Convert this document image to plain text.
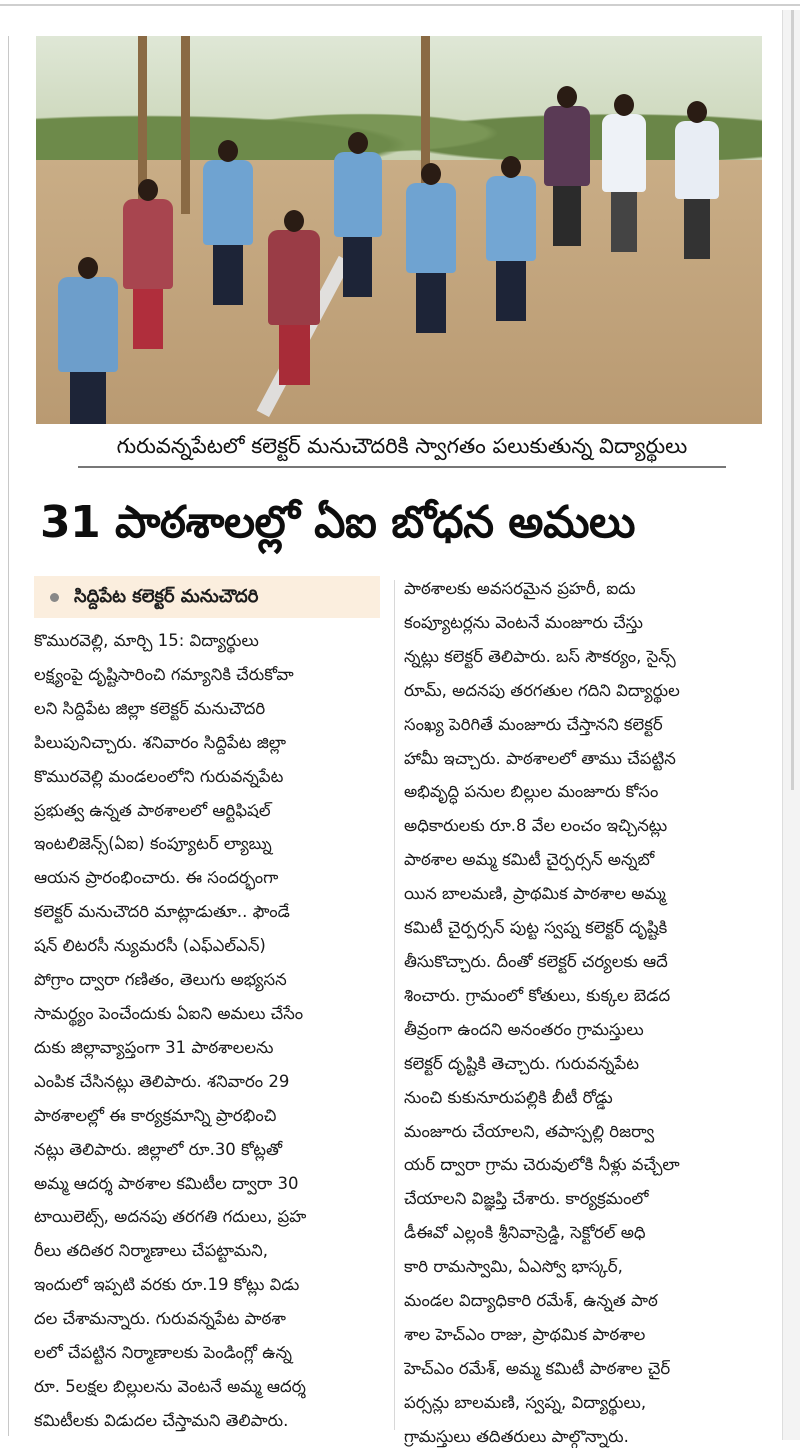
గురువన్నపేటలో కలెక్టర్ మనుచౌదరికి స్వాగతం పలుకుతున్న విద్యార్థులు
31 పాఠశాలల్లో ఏఐ బోధన అమలు
సిద్దిపేట కలెక్టర్ మనుచౌదరి

కొమురవెల్లి, మార్చి 15: విద్యార్థులు

లక్ష్యంపై దృష్టిసారించి గమ్యానికి చేరుకోవా

లని సిద్దిపేట జిల్లా కలెక్టర్ మనుచౌదరి

పిలుపునిచ్చారు. శనివారం సిద్దిపేట జిల్లా

కొమురవెల్లి మండలంలోని గురువన్నపేట

ప్రభుత్వ ఉన్నత పాఠశాలలో ఆర్టిఫిషల్

ఇంటలిజెన్స్(ఏఐ) కంప్యూటర్ ల్యాబ్ను

ఆయన ప్రారంభించారు. ఈ సందర్భంగా

కలెక్టర్ మనుచౌదరి మాట్లాడుతూ.. ఫౌండే

షన్ లిటరసీ న్యుమరసీ (ఎఫ్ఎల్ఎన్)

పోగ్రాం ద్వారా గణితం, తెలుగు అభ్యసన

సామర్థ్యం పెంచేందుకు ఏఐని అమలు చేసేం

దుకు జిల్లావ్యాప్తంగా 31 పాఠశాలలను

ఎంపిక చేసినట్లు తెలిపారు. శనివారం 29

పాఠశాలల్లో ఈ కార్యక్రమాన్ని ప్రారభించి

నట్లు తెలిపారు. జిల్లాలో రూ.30 కోట్లతో

అమ్మ ఆదర్శ పాఠశాల కమిటీల ద్వారా 30

టాయిలెట్స్, అదనపు తరగతి గదులు, ప్రహ

రీలు తదితర నిర్మాణాలు చేపట్టామని,

ఇందులో ఇప్పటి వరకు రూ.19 కోట్లు విడు

దల చేశామన్నారు. గురువన్నపేట పాఠశా

లలో చేపట్టిన నిర్మాణాలకు పెండింగ్లో ఉన్న

రూ. 5లక్షల బిల్లులను వెంటనే అమ్మ ఆదర్శ

కమిటీలకు విడుదల చేస్తామని తెలిపారు.

పాఠశాలకు అవసరమైన ప్రహరీ, ఐదు

కంప్యూటర్లను వెంటనే మంజూరు చేస్తు

న్నట్లు కలెక్టర్ తెలిపారు. బస్ సౌకర్యం, సైన్స్

రూమ్, అదనపు తరగతుల గదిని విద్యార్థుల

సంఖ్య పెరిగితే మంజూరు చేస్తానని కలెక్టర్

హామీ ఇచ్చారు. పాఠశాలలో తాము చేపట్టిన

అభివృద్ధి పనుల బిల్లుల మంజూరు కోసం

అధికారులకు రూ.8 వేల లంచం ఇచ్చినట్లు

పాఠశాల అమ్మ కమిటీ చైర్పర్సన్ అన్నబో

యిన బాలమణి, ప్రాథమిక పాఠశాల అమ్మ

కమిటీ చైర్పర్సన్ పుట్ట స్వప్న కలెక్టర్ దృష్టికి

తీసుకొచ్చారు. దీంతో కలెక్టర్ చర్యలకు ఆదే

శించారు. గ్రామంలో కోతులు, కుక్కల బెడద

తీవ్రంగా ఉందని అనంతరం గ్రామస్తులు

కలెక్టర్ దృష్టికి తెచ్చారు. గురువన్నపేట

నుంచి కుకునూరుపల్లికి బీటీ రోడ్డు

మంజూరు చేయాలని, తపాస్పల్లి రిజర్వా

యర్ ద్వారా గ్రామ చెరువులోకి నీళ్లు వచ్చేలా

చేయాలని విజ్ఞప్తి చేశారు. కార్యక్రమంలో

డీఈవో ఎల్లంకి శ్రీనివాస్రెడ్డి, సెక్టోరల్ అధి

కారి రామస్వామి, ఏఎస్వో భాస్కర్,

మండల విద్యాధికారి రమేశ్, ఉన్నత పాఠ

శాల హెచ్ఎం రాజు, ప్రాథమిక పాఠశాల

హెచ్ఎం రమేశ్, అమ్మ కమిటీ పాఠశాల చైర్

పర్సన్లు బాలమణి, స్వప్న, విద్యార్థులు,

గ్రామస్తులు తదితరులు పాల్గొన్నారు.
